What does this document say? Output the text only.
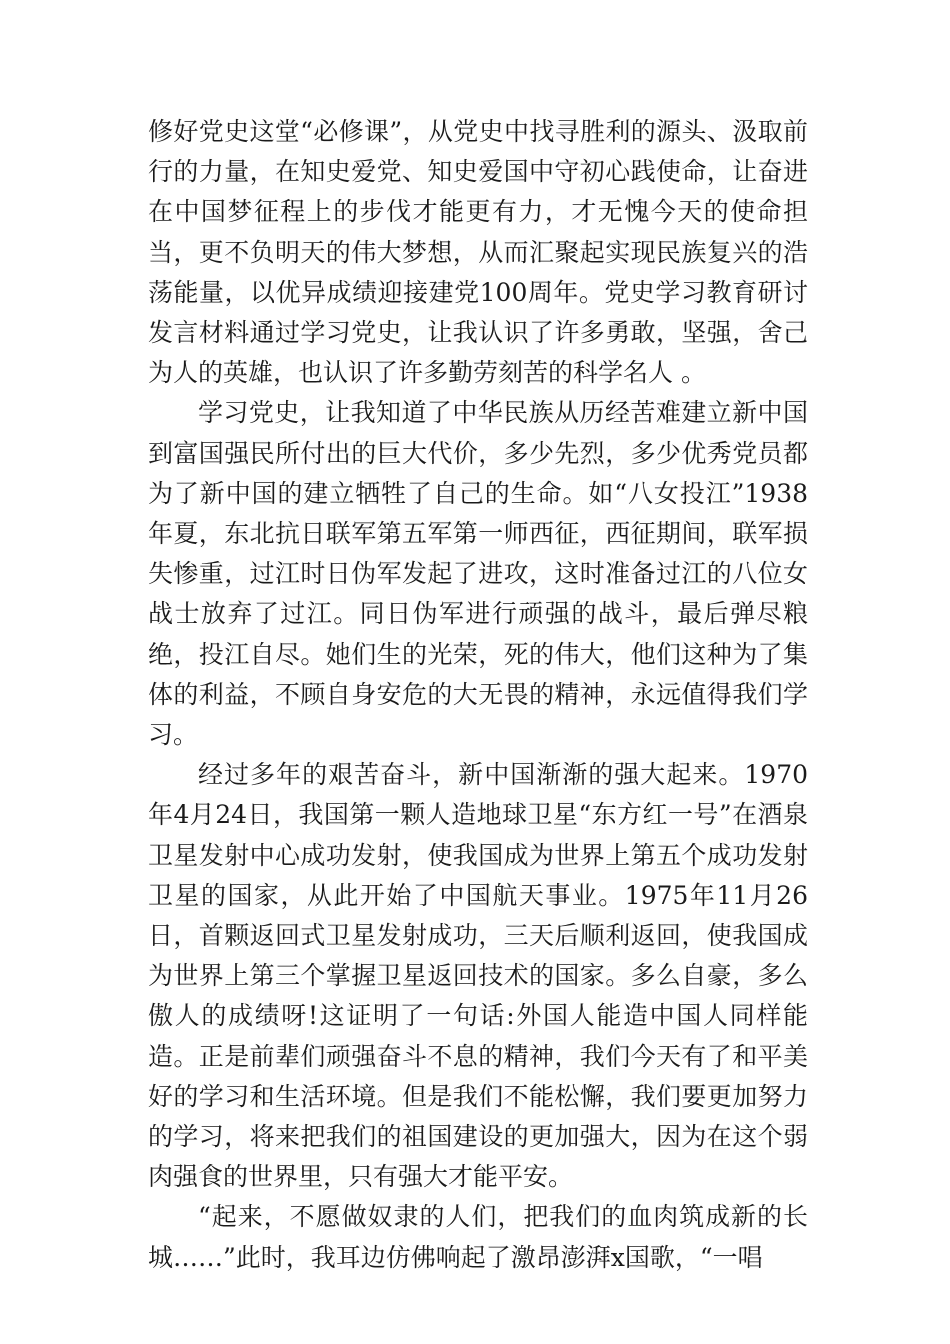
修好党史这堂“必修课”，从党史中找寻胜利的源头、汲取前行的力量，在知史爱党、知史爱国中守初心践使命，让奋进在中国梦征程上的步伐才能更有力，才无愧今天的使命担当，更不负明天的伟大梦想，从而汇聚起实现民族复兴的浩荡能量，以优异成绩迎接建党100周年。党史学习教育研讨发言材料通过学习党史，让我认识了许多勇敢，坚强，舍己为人的英雄，也认识了许多勤劳刻苦的科学名人 。

学习党史，让我知道了中华民族从历经苦难建立新中国到富国强民所付出的巨大代价，多少先烈，多少优秀党员都为了新中国的建立牺牲了自己的生命。如“八女投江”1938年夏，东北抗日联军第五军第一师西征，西征期间，联军损失惨重，过江时日伪军发起了进攻，这时准备过江的八位女战士放弃了过江。同日伪军进行顽强的战斗，最后弹尽粮绝，投江自尽。她们生的光荣，死的伟大，他们这种为了集体的利益，不顾自身安危的大无畏的精神，永远值得我们学习。

经过多年的艰苦奋斗，新中国渐渐的强大起来。1970年4月24日，我国第一颗人造地球卫星“东方红一号”在酒泉卫星发射中心成功发射，使我国成为世界上第五个成功发射卫星的国家，从此开始了中国航天事业。1975年11月26日，首颗返回式卫星发射成功，三天后顺利返回，使我国成为世界上第三个掌握卫星返回技术的国家。多么自豪，多么傲人的成绩呀!这证明了一句话:外国人能造中国人同样能造。正是前辈们顽强奋斗不息的精神，我们今天有了和平美好的学习和生活环境。但是我们不能松懈，我们要更加努力的学习，将来把我们的祖国建设的更加强大，因为在这个弱肉强食的世界里，只有强大才能平安。

“起来，不愿做奴隶的人们，把我们的血肉筑成新的长城……”此时，我耳边仿佛响起了激昂澎湃x国歌，“一唱
